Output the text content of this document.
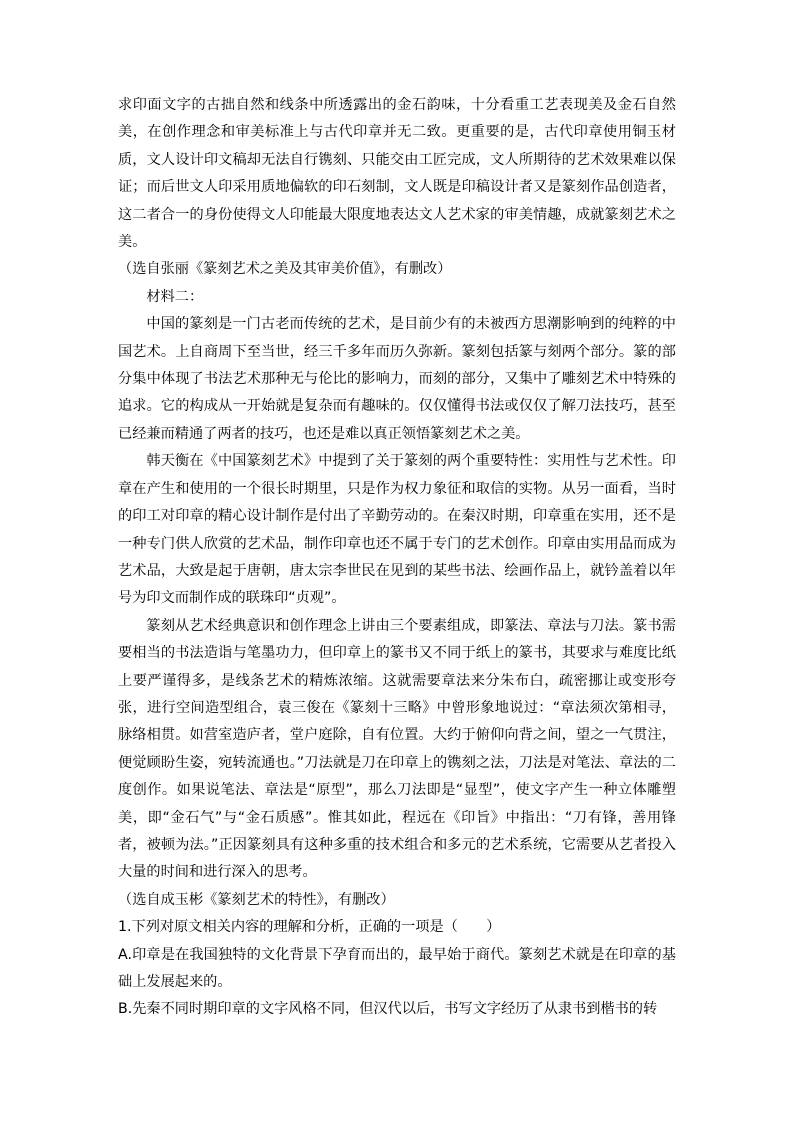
求印面文字的古拙自然和线条中所透露出的金石韵味，十分看重工艺表现美及金石自然美，在创作理念和审美标准上与古代印章并无二致。更重要的是，古代印章使用铜玉材质，文人设计印文稿却无法自行镌刻、只能交由工匠完成，文人所期待的艺术效果难以保证；而后世文人印采用质地偏软的印石刻制，文人既是印稿设计者又是篆刻作品创造者，这二者合一的身份使得文人印能最大限度地表达文人艺术家的审美情趣，成就篆刻艺术之美。

（选自张丽《篆刻艺术之美及其审美价值》，有删改）

材料二：

中国的篆刻是一门古老而传统的艺术，是目前少有的未被西方思潮影响到的纯粹的中国艺术。上自商周下至当世，经三千多年而历久弥新。篆刻包括篆与刻两个部分。篆的部分集中体现了书法艺术那种无与伦比的影响力，而刻的部分，又集中了雕刻艺术中特殊的追求。它的构成从一开始就是复杂而有趣味的。仅仅懂得书法或仅仅了解刀法技巧，甚至已经兼而精通了两者的技巧，也还是难以真正领悟篆刻艺术之美。

韩天衡在《中国篆刻艺术》中提到了关于篆刻的两个重要特性：实用性与艺术性。印章在产生和使用的一个很长时期里，只是作为权力象征和取信的实物。从另一面看，当时的印工对印章的精心设计制作是付出了辛勤劳动的。在秦汉时期，印章重在实用，还不是一种专门供人欣赏的艺术品，制作印章也还不属于专门的艺术创作。印章由实用品而成为艺术品，大致是起于唐朝，唐太宗李世民在见到的某些书法、绘画作品上，就钤盖着以年号为印文而制作成的联珠印“贞观”。

篆刻从艺术经典意识和创作理念上讲由三个要素组成，即篆法、章法与刀法。篆书需要相当的书法造诣与笔墨功力，但印章上的篆书又不同于纸上的篆书，其要求与难度比纸上要严谨得多，是线条艺术的精炼浓缩。这就需要章法来分朱布白，疏密挪让或变形夸张，进行空间造型组合，袁三俊在《篆刻十三略》中曾形象地说过：“章法须次第相寻，脉络相贯。如营室造庐者，堂户庭除，自有位置。大约于俯仰向背之间，望之一气贯注，便觉顾盼生姿，宛转流通也。”刀法就是刀在印章上的镌刻之法，刀法是对笔法、章法的二度创作。如果说笔法、章法是“原型”，那么刀法即是“显型”，使文字产生一种立体雕塑美，即“金石气”与“金石质感”。惟其如此，程远在《印旨》中指出：“刀有锋，善用锋者，被顿为法。”正因篆刻具有这种多重的技术组合和多元的艺术系统，它需要从艺者投入大量的时间和进行深入的思考。

（选自成玉彬《篆刻艺术的特性》，有删改）

1.下列对原文相关内容的理解和分析，正确的一项是（　　）

A.印章是在我国独特的文化背景下孕育而出的，最早始于商代。篆刻艺术就是在印章的基础上发展起来的。

B.先秦不同时期印章的文字风格不同，但汉代以后，书写文字经历了从隶书到楷书的转
